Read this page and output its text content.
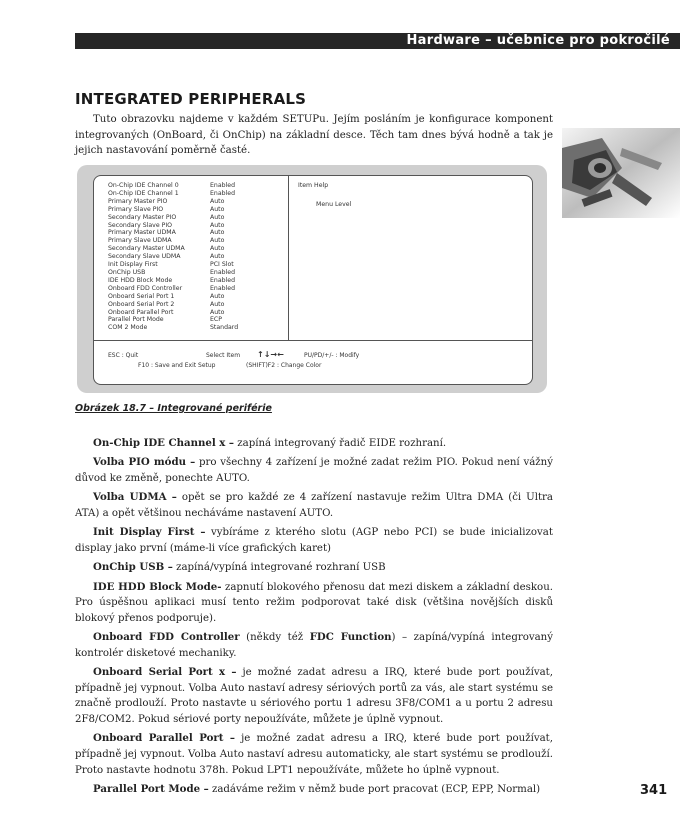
Hardware – učebnice pro pokročilé
INTEGRATED PERIPHERALS

Tuto obrazovku najdeme v každém SETUPu. Jejím posláním je konfigurace komponent integrovaných (OnBoard, či OnChip) na základní desce. Těch tam dnes bývá hodně a tak je jejich nastavování poměrně časté.

On-Chip IDE Channel 0	Enabled
On-Chip IDE Channel 1	Enabled
Primary Master PIO	Auto
Primary Slave PIO	Auto
Secondary Master PIO	Auto
Secondary Slave PIO	Auto
Primary Master UDMA	Auto
Primary Slave UDMA	Auto
Secondary Master UDMA	Auto
Secondary Slave UDMA	Auto
Init Display First	PCI Slot
OnChip USB	Enabled
IDE HDD Block Mode	Enabled
Onboard FDD Controller	Enabled
Onboard Serial Port 1	Auto
Onboard Serial Port 2	Auto
Onboard Parallel Port	Auto
Parallel Port Mode	ECP
COM 2 Mode	Standard
Item Help
Menu Level
ESC : Quit	Select Item ↑↓→←	PU/PD/+/- : Modify
F10 : Save and Exit Setup	(SHIFT)F2 : Change Color
Obrázek 18.7 – Integrované periférie

On-Chip IDE Channel x – zapíná integrovaný řadič EIDE rozhraní.

Volba PIO módu – pro všechny 4 zařízení je možné zadat režim PIO. Pokud není vážný důvod ke změně, ponechte AUTO.

Volba UDMA – opět se pro každé ze 4 zařízení nastavuje režim Ultra DMA (či Ultra ATA) a opět většinou necháváme nastavení AUTO.

Init Display First – vybíráme z kterého slotu (AGP nebo PCI) se bude inicializovat display jako první (máme-li více grafických karet)

OnChip USB – zapíná/vypíná integrované rozhraní USB

IDE HDD Block Mode- zapnutí blokového přenosu dat mezi diskem a základní deskou. Pro úspěšnou aplikaci musí tento režim podporovat také disk (většina novějších disků blokový přenos podporuje).

Onboard FDD Controller (někdy též FDC Function) – zapíná/vypíná integrovaný kontrolér disketové mechaniky.

Onboard Serial Port x – je možné zadat adresu a IRQ, které bude port používat, případně jej vypnout. Volba Auto nastaví adresy sériových portů za vás, ale start systému se značně prodlouží. Proto nastavte u sériového portu 1 adresu 3F8/COM1 a u portu 2 adresu 2F8/COM2. Pokud sériové porty nepoužíváte, můžete je úplně vypnout.

Onboard Parallel Port – je možné zadat adresu a IRQ, které bude port používat, případně jej vypnout. Volba Auto nastaví adresu automaticky, ale start systému se prodlouží. Proto nastavte hodnotu 378h. Pokud LPT1 nepoužíváte, můžete ho úplně vypnout.

Parallel Port Mode – zadáváme režim v němž bude port pracovat (ECP, EPP, Normal)	341
